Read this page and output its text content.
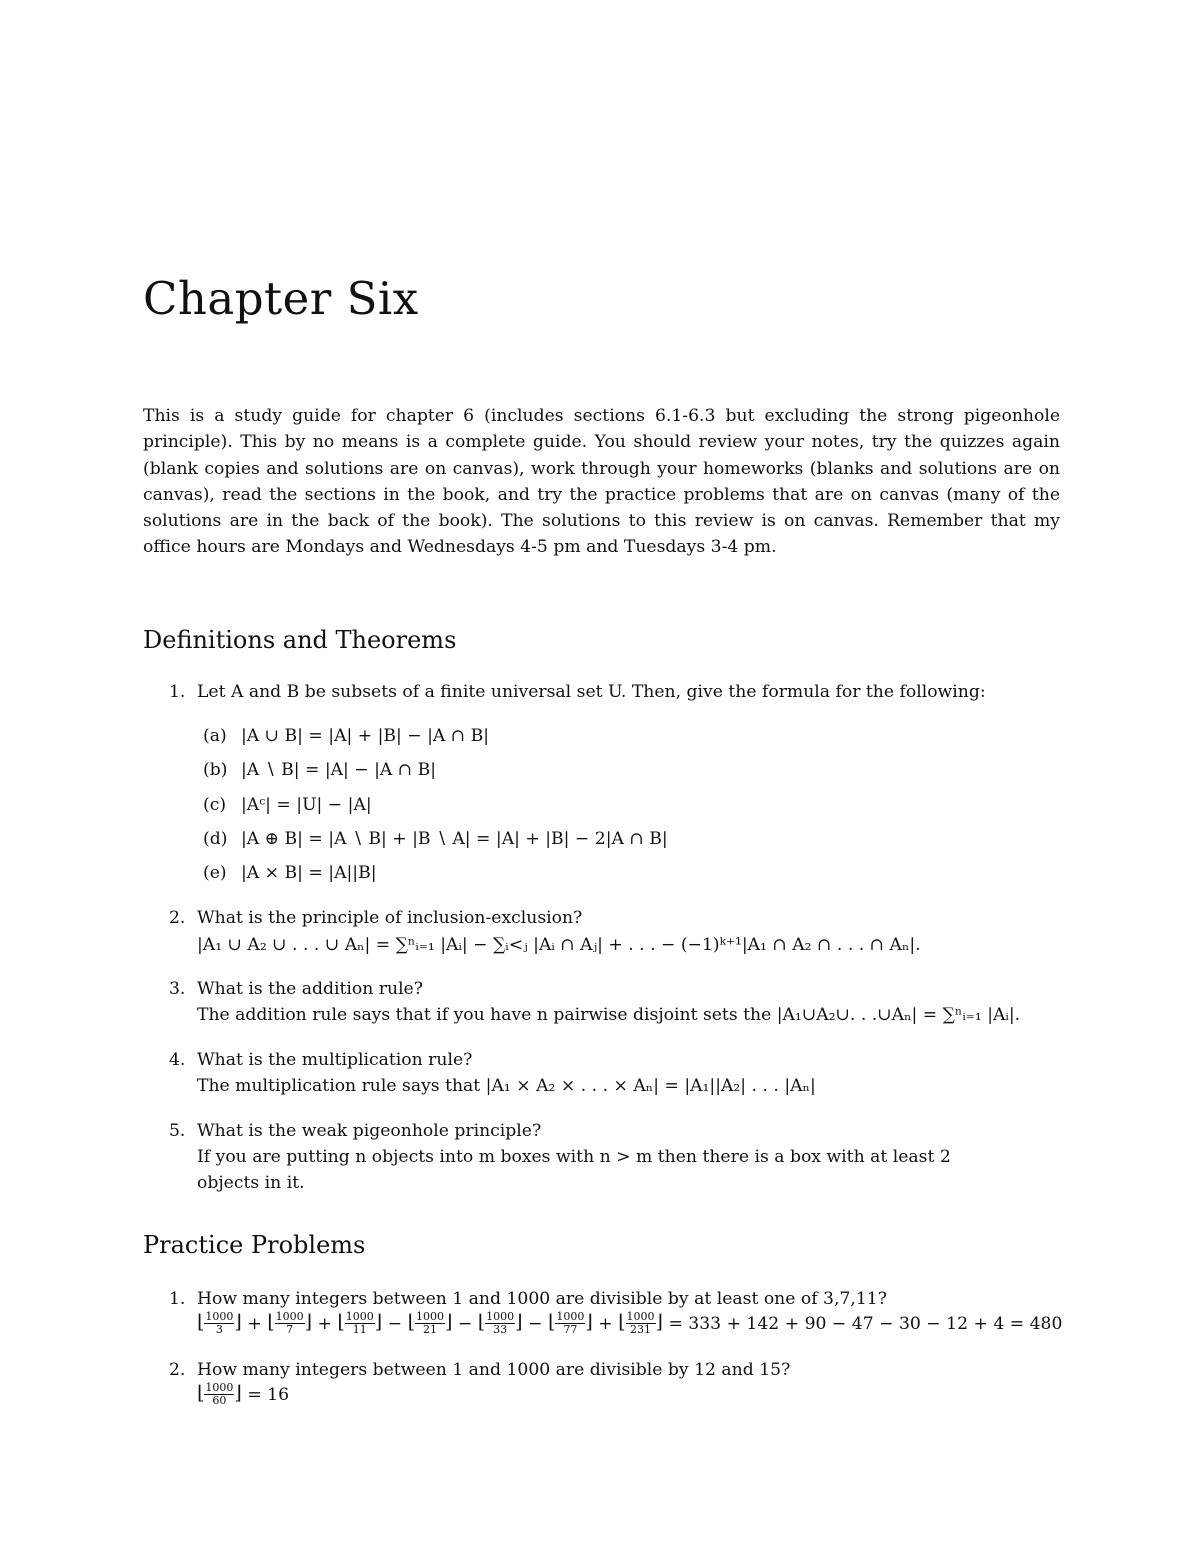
Chapter Six

This is a study guide for chapter 6 (includes sections 6.1-6.3 but excluding the strong pigeonhole principle). This by no means is a complete guide. You should review your notes, try the quizzes again (blank copies and solutions are on canvas), work through your homeworks (blanks and solutions are on canvas), read the sections in the book, and try the practice problems that are on canvas (many of the solutions are in the back of the book). The solutions to this review is on canvas. Remember that my office hours are Mondays and Wednesdays 4-5 pm and Tuesdays 3-4 pm.

Definitions and Theorems
1. Let A and B be subsets of a finite universal set U. Then, give the formula for the following:
(a) |A ∪ B| = |A| + |B| − |A ∩ B|
(b) |A ∖ B| = |A| − |A ∩ B|
(c) |Aᶜ| = |U| − |A|
(d) |A ⊕ B| = |A ∖ B| + |B ∖ A| = |A| + |B| − 2|A ∩ B|
(e) |A × B| = |A||B|
2. What is the principle of inclusion-exclusion?
|A₁ ∪ A₂ ∪ . . . ∪ Aₙ| = ∑ⁿᵢ₌₁ |Aᵢ| − ∑ᵢ<ⱼ |Aᵢ ∩ Aⱼ| + . . . − (−1)ᵏ⁺¹|A₁ ∩ A₂ ∩ . . . ∩ Aₙ|.
3. What is the addition rule?
The addition rule says that if you have n pairwise disjoint sets the |A₁∪A₂∪. . .∪Aₙ| = ∑ⁿᵢ₌₁ |Aᵢ|.
4. What is the multiplication rule?
The multiplication rule says that |A₁ × A₂ × . . . × Aₙ| = |A₁||A₂| . . . |Aₙ|
5. What is the weak pigeonhole principle?
If you are putting n objects into m boxes with n > m then there is a box with at least 2
objects in it.
Practice Problems
1. How many integers between 1 and 1000 are divisible by at least one of 3,7,11?
⌊ $\frac{1000}{3}$ ⌋ + ⌊ $\frac{1000}{7}$ ⌋ + ⌊ $\frac{1000}{11}$ ⌋ − ⌊ $\frac{1000}{21}$ ⌋ − ⌊ $\frac{1000}{33}$ ⌋ − ⌊ $\frac{1000}{77}$ ⌋ + ⌊ $\frac{1000}{231}$ ⌋ = 333 + 142 + 90 − 47 − 30 − 12 + 4 = 480
2. How many integers between 1 and 1000 are divisible by 12 and 15?
⌊ $\frac{1000}{60}$ ⌋ = 16
